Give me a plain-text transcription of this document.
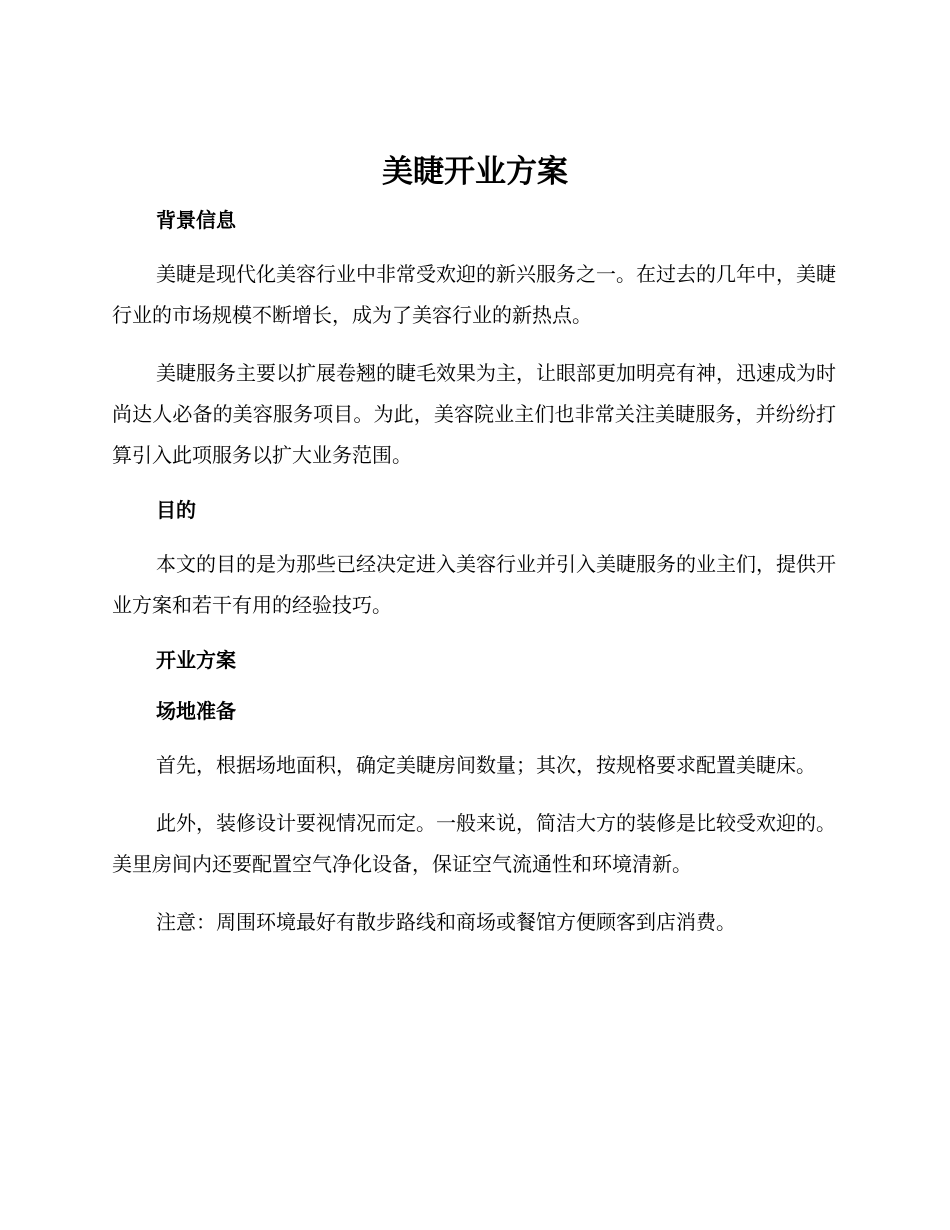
美睫开业方案
背景信息

美睫是现代化美容行业中非常受欢迎的新兴服务之一。在过去的几年中，美睫行业的市场规模不断增长，成为了美容行业的新热点。

美睫服务主要以扩展卷翘的睫毛效果为主，让眼部更加明亮有神，迅速成为时尚达人必备的美容服务项目。为此，美容院业主们也非常关注美睫服务，并纷纷打算引入此项服务以扩大业务范围。

目的

本文的目的是为那些已经决定进入美容行业并引入美睫服务的业主们，提供开业方案和若干有用的经验技巧。

开业方案
场地准备

首先，根据场地面积，确定美睫房间数量；其次，按规格要求配置美睫床。

此外，装修设计要视情况而定。一般来说，简洁大方的装修是比较受欢迎的。美里房间内还要配置空气净化设备，保证空气流通性和环境清新。

注意：周围环境最好有散步路线和商场或餐馆方便顾客到店消费。
